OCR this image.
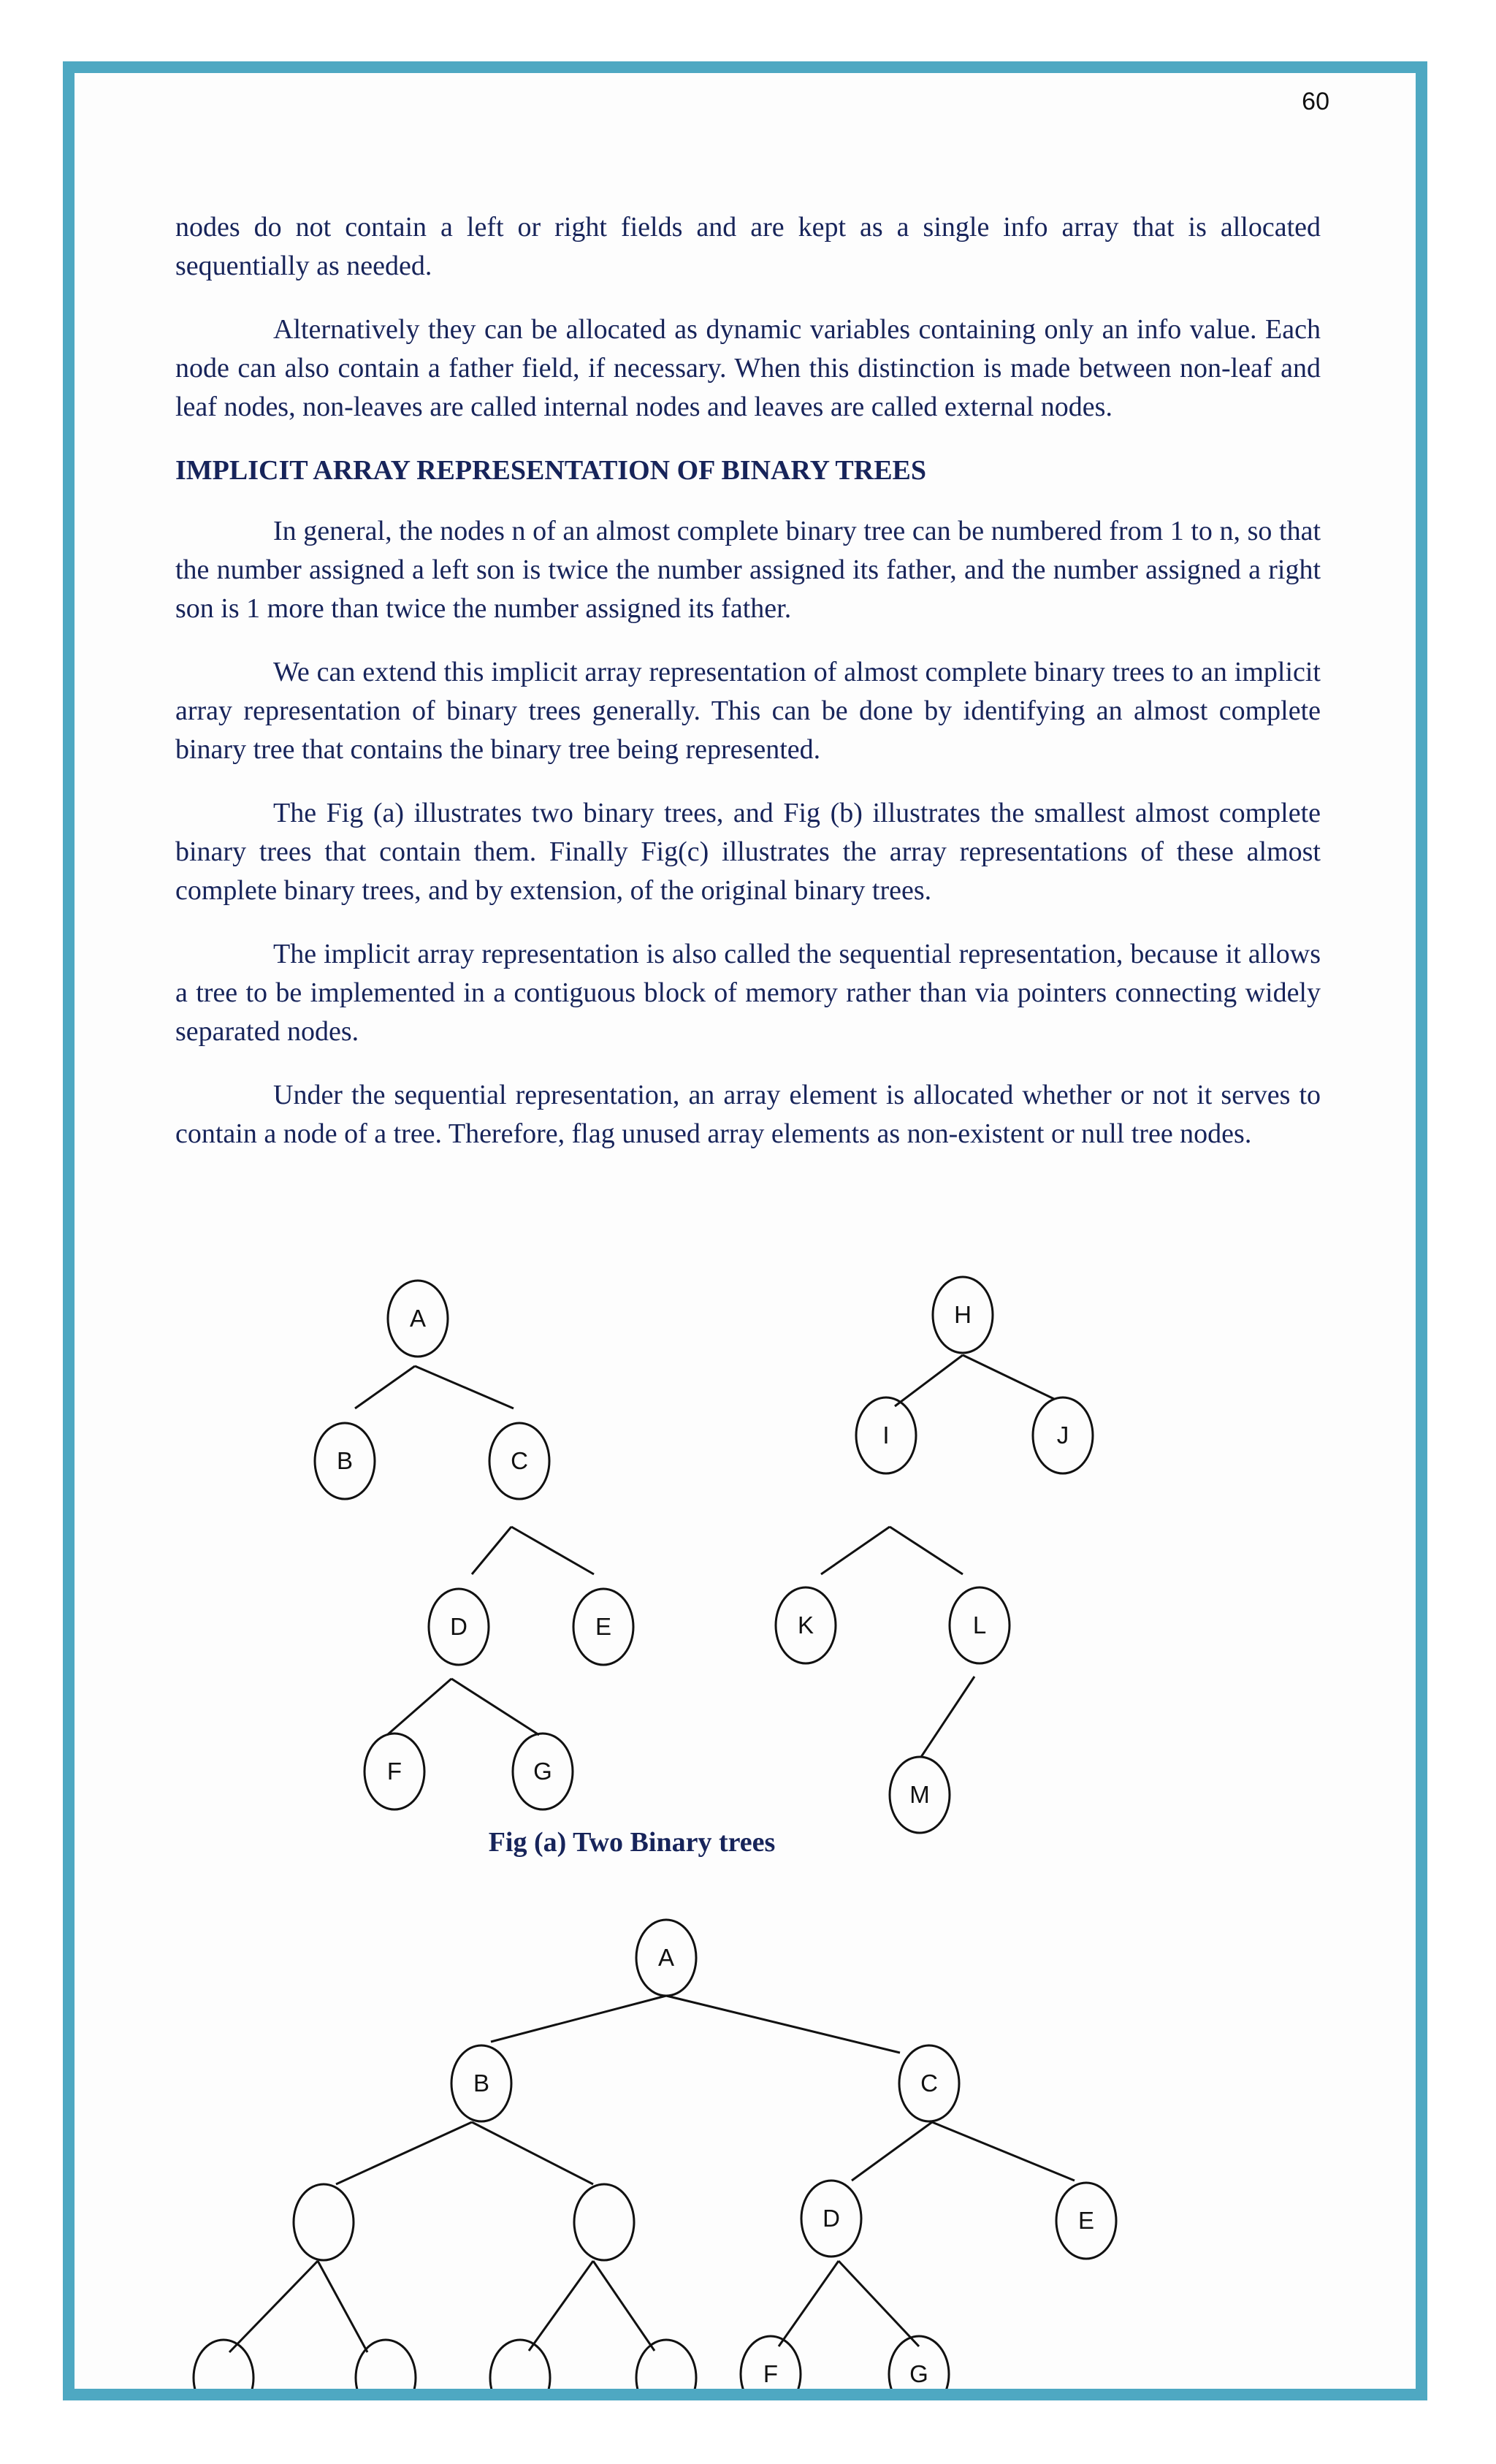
60

nodes do not contain a left or right fields and are kept as a single info array that is allocated sequentially as needed.

Alternatively they can be allocated as dynamic variables containing only an info value. Each node can also contain a father field, if necessary. When this distinction is made between non-leaf and leaf nodes, non-leaves are called internal nodes and leaves are called external nodes.

IMPLICIT ARRAY REPRESENTATION OF BINARY TREES

In general, the nodes n of an almost complete binary tree can be numbered from 1 to n, so that the number assigned a left son is twice the number assigned its father, and the number assigned a right son is 1 more than twice the number assigned its father.

We can extend this implicit array representation of almost complete binary trees to an implicit array representation of binary trees generally. This can be done by identifying an almost complete binary tree that contains the binary tree being represented.

The Fig (a) illustrates two binary trees, and Fig (b) illustrates the smallest almost complete binary trees that contain them. Finally Fig(c) illustrates the array representations of these almost complete binary trees, and by extension, of the original binary trees.

The implicit array representation is also called the sequential representation, because it allows a tree to be implemented in a contiguous block of memory rather than via pointers connecting widely separated nodes.

Under the sequential representation, an array element is allocated whether or not it serves to contain a node of a tree. Therefore, flag unused array elements as non-existent or null tree nodes.

A
B	C
D	E
F	G
H
I	J
K	L
M
A
B	C
D	E
F	G
Fig (a) Two Binary trees
